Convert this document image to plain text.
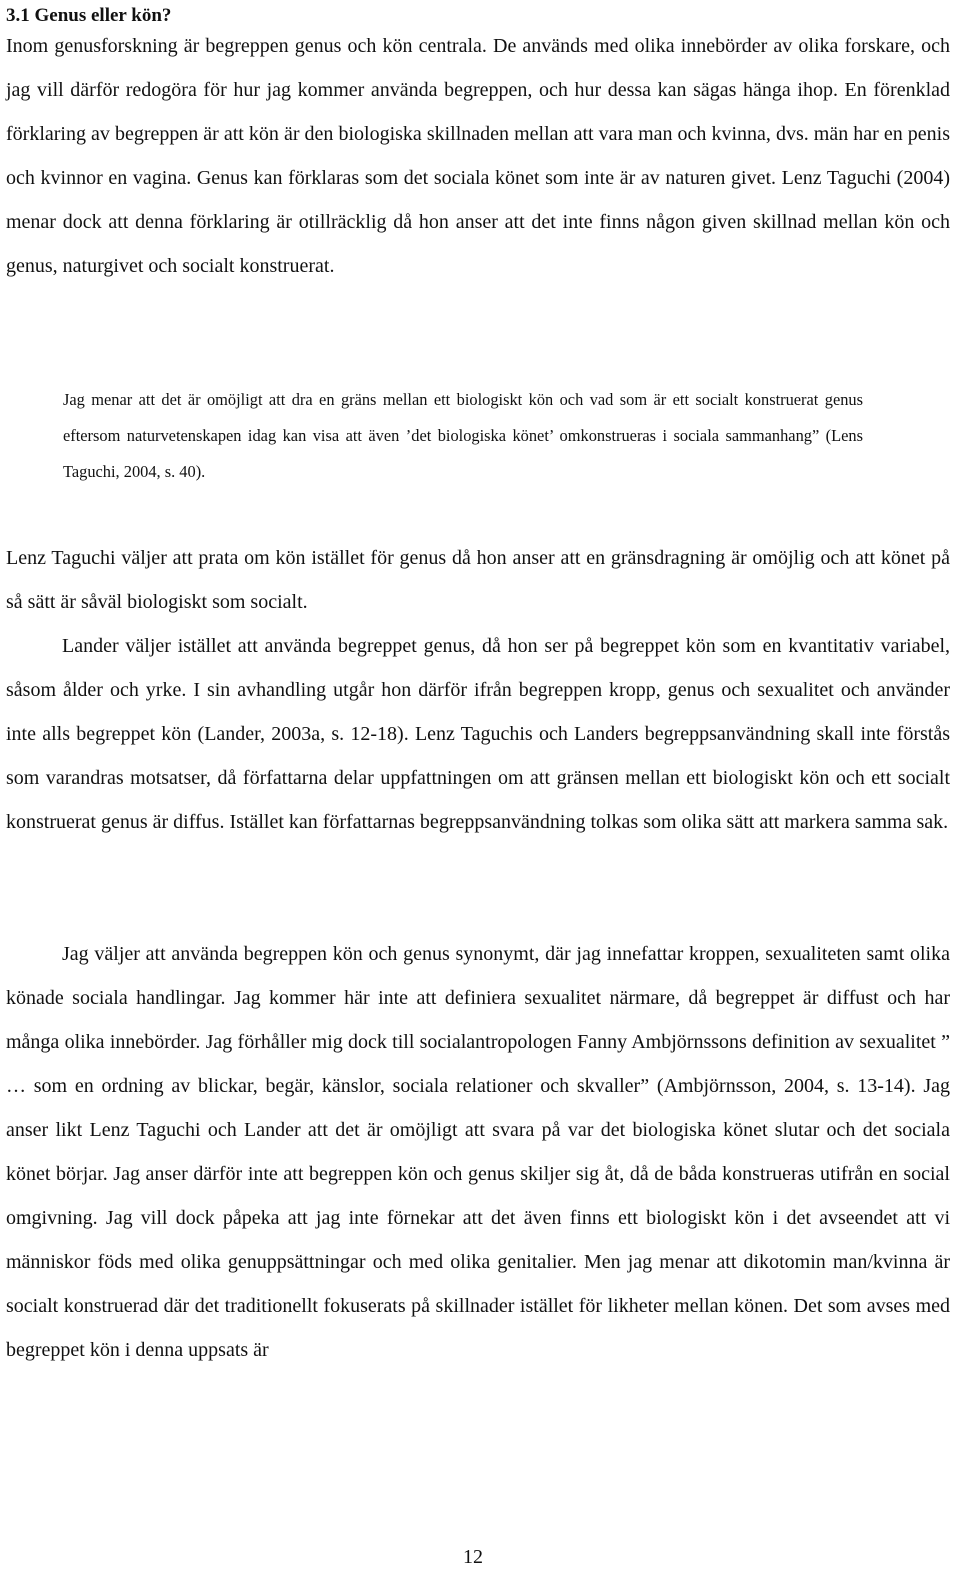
3.1 Genus eller kön?

Inom genusforskning är begreppen genus och kön centrala. De används med olika innebörder av olika forskare, och jag vill därför redogöra för hur jag kommer använda begreppen, och hur dessa kan sägas hänga ihop. En förenklad förklaring av begreppen är att kön är den biologiska skillnaden mellan att vara man och kvinna, dvs. män har en penis och kvinnor en vagina. Genus kan förklaras som det sociala könet som inte är av naturen givet. Lenz Taguchi (2004) menar dock att denna förklaring är otillräcklig då hon anser att det inte finns någon given skillnad mellan kön och genus, naturgivet och socialt konstruerat.

Jag menar att det är omöjligt att dra en gräns mellan ett biologiskt kön och vad som är ett socialt konstruerat genus eftersom naturvetenskapen idag kan visa att även ’det biologiska könet’ omkonstrueras i sociala sammanhang” (Lens Taguchi, 2004, s. 40).

Lenz Taguchi väljer att prata om kön istället för genus då hon anser att en gränsdragning är omöjlig och att könet på så sätt är såväl biologiskt som socialt.

Lander väljer istället att använda begreppet genus, då hon ser på begreppet kön som en kvantitativ variabel, såsom ålder och yrke. I sin avhandling utgår hon därför ifrån begreppen kropp, genus och sexualitet och använder inte alls begreppet kön (Lander, 2003a, s. 12-18). Lenz Taguchis och Landers begreppsanvändning skall inte förstås som varandras motsatser, då författarna delar uppfattningen om att gränsen mellan ett biologiskt kön och ett socialt konstruerat genus är diffus. Istället kan författarnas begreppsanvändning tolkas som olika sätt att markera samma sak.

Jag väljer att använda begreppen kön och genus synonymt, där jag innefattar kroppen, sexualiteten samt olika könade sociala handlingar. Jag kommer här inte att definiera sexualitet närmare, då begreppet är diffust och har många olika innebörder. Jag förhåller mig dock till socialantropologen Fanny Ambjörnssons definition av sexualitet ” … som en ordning av blickar, begär, känslor, sociala relationer och skvaller” (Ambjörnsson, 2004, s. 13-14). Jag anser likt Lenz Taguchi och Lander att det är omöjligt att svara på var det biologiska könet slutar och det sociala könet börjar. Jag anser därför inte att begreppen kön och genus skiljer sig åt, då de båda konstrueras utifrån en social omgivning. Jag vill dock påpeka att jag inte förnekar att det även finns ett biologiskt kön i det avseendet att vi människor föds med olika genuppsättningar och med olika genitalier. Men jag menar att dikotomin man/kvinna är socialt konstruerad där det traditionellt fokuserats på skillnader istället för likheter mellan könen. Det som avses med begreppet kön i denna uppsats är

12
